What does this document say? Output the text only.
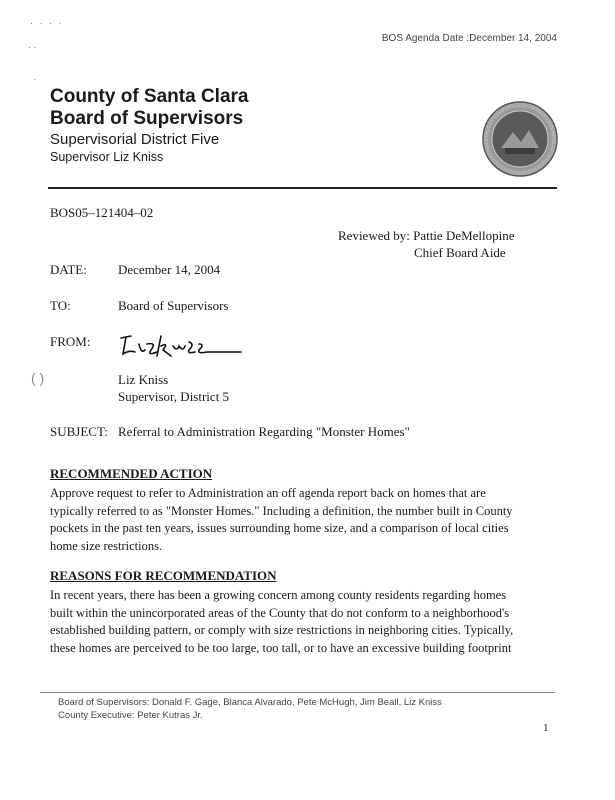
· · · ·
· ·
·
BOS Agenda Date :December 14, 2004
County of Santa Clara
Board of Supervisors
Supervisorial District Five
Supervisor Liz Kniss
BOS05–121404–02
Reviewed by: Pattie DeMellopine
Chief Board Aide
DATE: December 14, 2004
TO:	Board of Supervisors
FROM:
Liz Kniss
Supervisor, District 5
( )
SUBJECT: Referral to Administration Regarding "Monster Homes"
RECOMMENDED ACTION
Approve request to refer to Administration an off agenda report back on homes that are
typically referred to as "Monster Homes." Including a definition, the number built in County
pockets in the past ten years, issues surrounding home size, and a comparison of local cities
home size restrictions.
REASONS FOR RECOMMENDATION
In recent years, there has been a growing concern among county residents regarding homes
built within the unincorporated areas of the County that do not conform to a neighborhood's
established building pattern, or comply with size restrictions in neighboring cities. Typically,
these homes are perceived to be too large, too tall, or to have an excessive building footprint
Board of Supervisors: Donald F. Gage, Blanca Alvarado, Pete McHugh, Jim Beall, Liz Kniss
County Executive: Peter Kutras Jr.
1
